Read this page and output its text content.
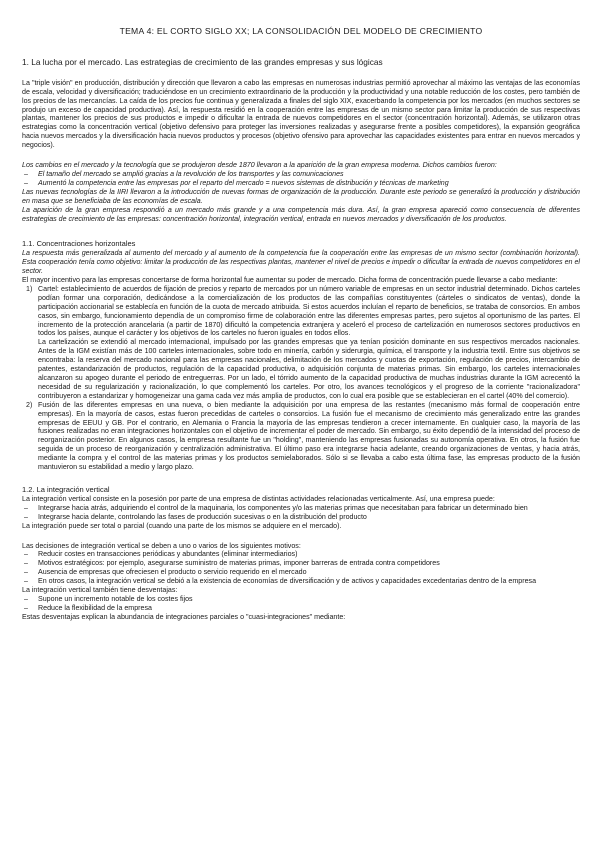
TEMA 4: EL CORTO SIGLO XX; LA CONSOLIDACIÓN DEL MODELO DE CRECIMIENTO
1. La lucha por el mercado. Las estrategias de crecimiento de las grandes empresas y sus lógicas

La "triple visión" en producción, distribución y dirección que llevaron a cabo las empresas en numerosas industrias permitió aprovechar al máximo las ventajas de las economías de escala, velocidad y diversificación; traduciéndose en un crecimiento extraordinario de la producción y la productividad y una notable reducción de los costes, pero también de los precios de las mercancías. La caída de los precios fue continua y generalizada a finales del siglo XIX, exacerbando la competencia por los mercados (en muchos sectores se produjo un exceso de capacidad productiva). Así, la respuesta residió en la cooperación entre las empresas de un mismo sector para limitar la producción de sus respectivas plantas, mantener los precios de sus productos e impedir o dificultar la entrada de nuevos competidores en el sector (concentración horizontal). Además, se utilizaron otras estrategias como la concentración vertical (objetivo defensivo para proteger las inversiones realizadas y asegurarse frente a posibles competidores), la expansión geográfica hacia nuevos mercados y la diversificación hacia nuevos productos y procesos (objetivo ofensivo para aprovechar las capacidades existentes para entrar en nuevos mercados y negocios).

Los cambios en el mercado y la tecnología que se produjeron desde 1870 llevaron a la aparición de la gran empresa moderna. Dichos cambios fueron:

– El tamaño del mercado se amplió gracias a la revolución de los transportes y las comunicaciones
– Aumentó la competencia entre las empresas por el reparto del mercado = nuevos sistemas de distribución y técnicas de marketing

Las nuevas tecnologías de la IIRI llevaron a la introducción de nuevas formas de organización de la producción. Durante este periodo se generalizó la producción y distribución en masa que se beneficiaba de las economías de escala.

La aparición de la gran empresa respondió a un mercado más grande y a una competencia más dura. Así, la gran empresa apareció como consecuencia de diferentes estrategias de crecimiento de las empresas: concentración horizontal, integración vertical, entrada en nuevos mercados y diversificación de los productos.

1.1. Concentraciones horizontales

La respuesta más generalizada al aumento del mercado y al aumento de la competencia fue la cooperación entre las empresas de un mismo sector (combinación horizontal). Esta cooperación tenía como objetivo: limitar la producción de las respectivas plantas, mantener el nivel de precios e impedir o dificultar la entrada de nuevos competidores en el sector.

El mayor incentivo para las empresas concertarse de forma horizontal fue aumentar su poder de mercado. Dicha forma de concentración puede llevarse a cabo mediante:

1) Cartel: establecimiento de acuerdos de fijación de precios y reparto de mercados por un número variable de empresas en un sector industrial determinado. Dichos carteles podían formar una corporación, dedicándose a la comercialización de los productos de las compañías constituyentes (cárteles o sindicatos de ventas), donde la participación accionarial se establecía en función de la cuota de mercado atribuida. Si estos acuerdos incluían el reparto de beneficios, se trataba de consorcios. En ambos casos, sin embargo, funcionamiento dependía de un compromiso firme de colaboración entre las diferentes empresas partes, pero sujetos al oportunismo de las partes. El incremento de la protección arancelaria (a partir de 1870) dificultó la competencia extranjera y aceleró el proceso de cartelización en numerosos sectores productivos en todos los países, aunque el carácter y los objetivos de los carteles no fueron iguales en todos ellos.

La cartelización se extendió al mercado internacional, impulsado por las grandes empresas que ya tenían posición dominante en sus respectivos mercados nacionales. Antes de la IGM existían más de 100 carteles internacionales, sobre todo en minería, carbón y siderurgia, química, el transporte y la industria textil. Entre sus objetivos se encontraba: la reserva del mercado nacional para las empresas nacionales, delimitación de los mercados y cuotas de exportación, regulación de precios, intercambio de patentes, estandarización de productos, regulación de la capacidad productiva, o adquisición conjunta de materias primas. Sin embargo, los carteles internacionales alcanzaron su apogeo durante el periodo de entreguerras. Por un lado, el tórrido aumento de la capacidad productiva de muchas industrias durante la IGM acrecentó la necesidad de su regularización y racionalización, lo que complementó los carteles. Por otro, los avances tecnológicos y el progreso de la corriente "racionalizadora" contribuyeron a estandarizar y homogeneizar una gama cada vez más amplia de productos, con lo cual era posible que se establecieran en el cartel (40% del comercio).

2) Fusión de las diferentes empresas en una nueva, o bien mediante la adquisición por una empresa de las restantes (mecanismo más formal de cooperación entre empresas). En la mayoría de casos, estas fueron precedidas de carteles o consorcios. La fusión fue el mecanismo de crecimiento más generalizado entre las grandes empresas de EEUU y GB. Por el contrario, en Alemania o Francia la mayoría de las empresas tendieron a crecer internamente. En cualquier caso, la mayoría de las fusiones realizadas no eran integraciones horizontales con el objetivo de incrementar el poder de mercado. Sin embargo, su éxito dependió de la intensidad del proceso de reorganización posterior. En algunos casos, la empresa resultante fue un "holding", manteniendo las empresas fusionadas su autonomía operativa. En otros, la fusión fue seguida de un proceso de reorganización y centralización administrativa. El último paso era integrarse hacia adelante, creando organizaciones de ventas, y hacia atrás, mediante la compra y el control de las materias primas y los productos semielaborados. Sólo si se llevaba a cabo esta última fase, las empresas producto de la fusión mantuvieron su estabilidad a medio y largo plazo.

1.2. La integración vertical

La integración vertical consiste en la posesión por parte de una empresa de distintas actividades relacionadas verticalmente. Así, una empresa puede:

– Integrarse hacia atrás, adquiriendo el control de la maquinaria, los componentes y/o las materias primas que necesitaban para fabricar un determinado bien
– Integrarse hacia delante, controlando las fases de producción sucesivas o en la distribución del producto

La integración puede ser total o parcial (cuando una parte de los mismos se adquiere en el mercado).

Las decisiones de integración vertical se deben a uno o varios de los siguientes motivos:

– Reducir costes en transacciones periódicas y abundantes (eliminar intermediarios)
– Motivos estratégicos: por ejemplo, asegurarse suministro de materias primas, imponer barreras de entrada contra competidores
– Ausencia de empresas que ofreciesen el producto o servicio requerido en el mercado
– En otros casos, la integración vertical se debió a la existencia de economías de diversificación y de activos y capacidades excedentarias dentro de la empresa

La integración vertical también tiene desventajas:

– Supone un incremento notable de los costes fijos
– Reduce la flexibilidad de la empresa

Estas desventajas explican la abundancia de integraciones parciales o "cuasi-integraciones" mediante:
